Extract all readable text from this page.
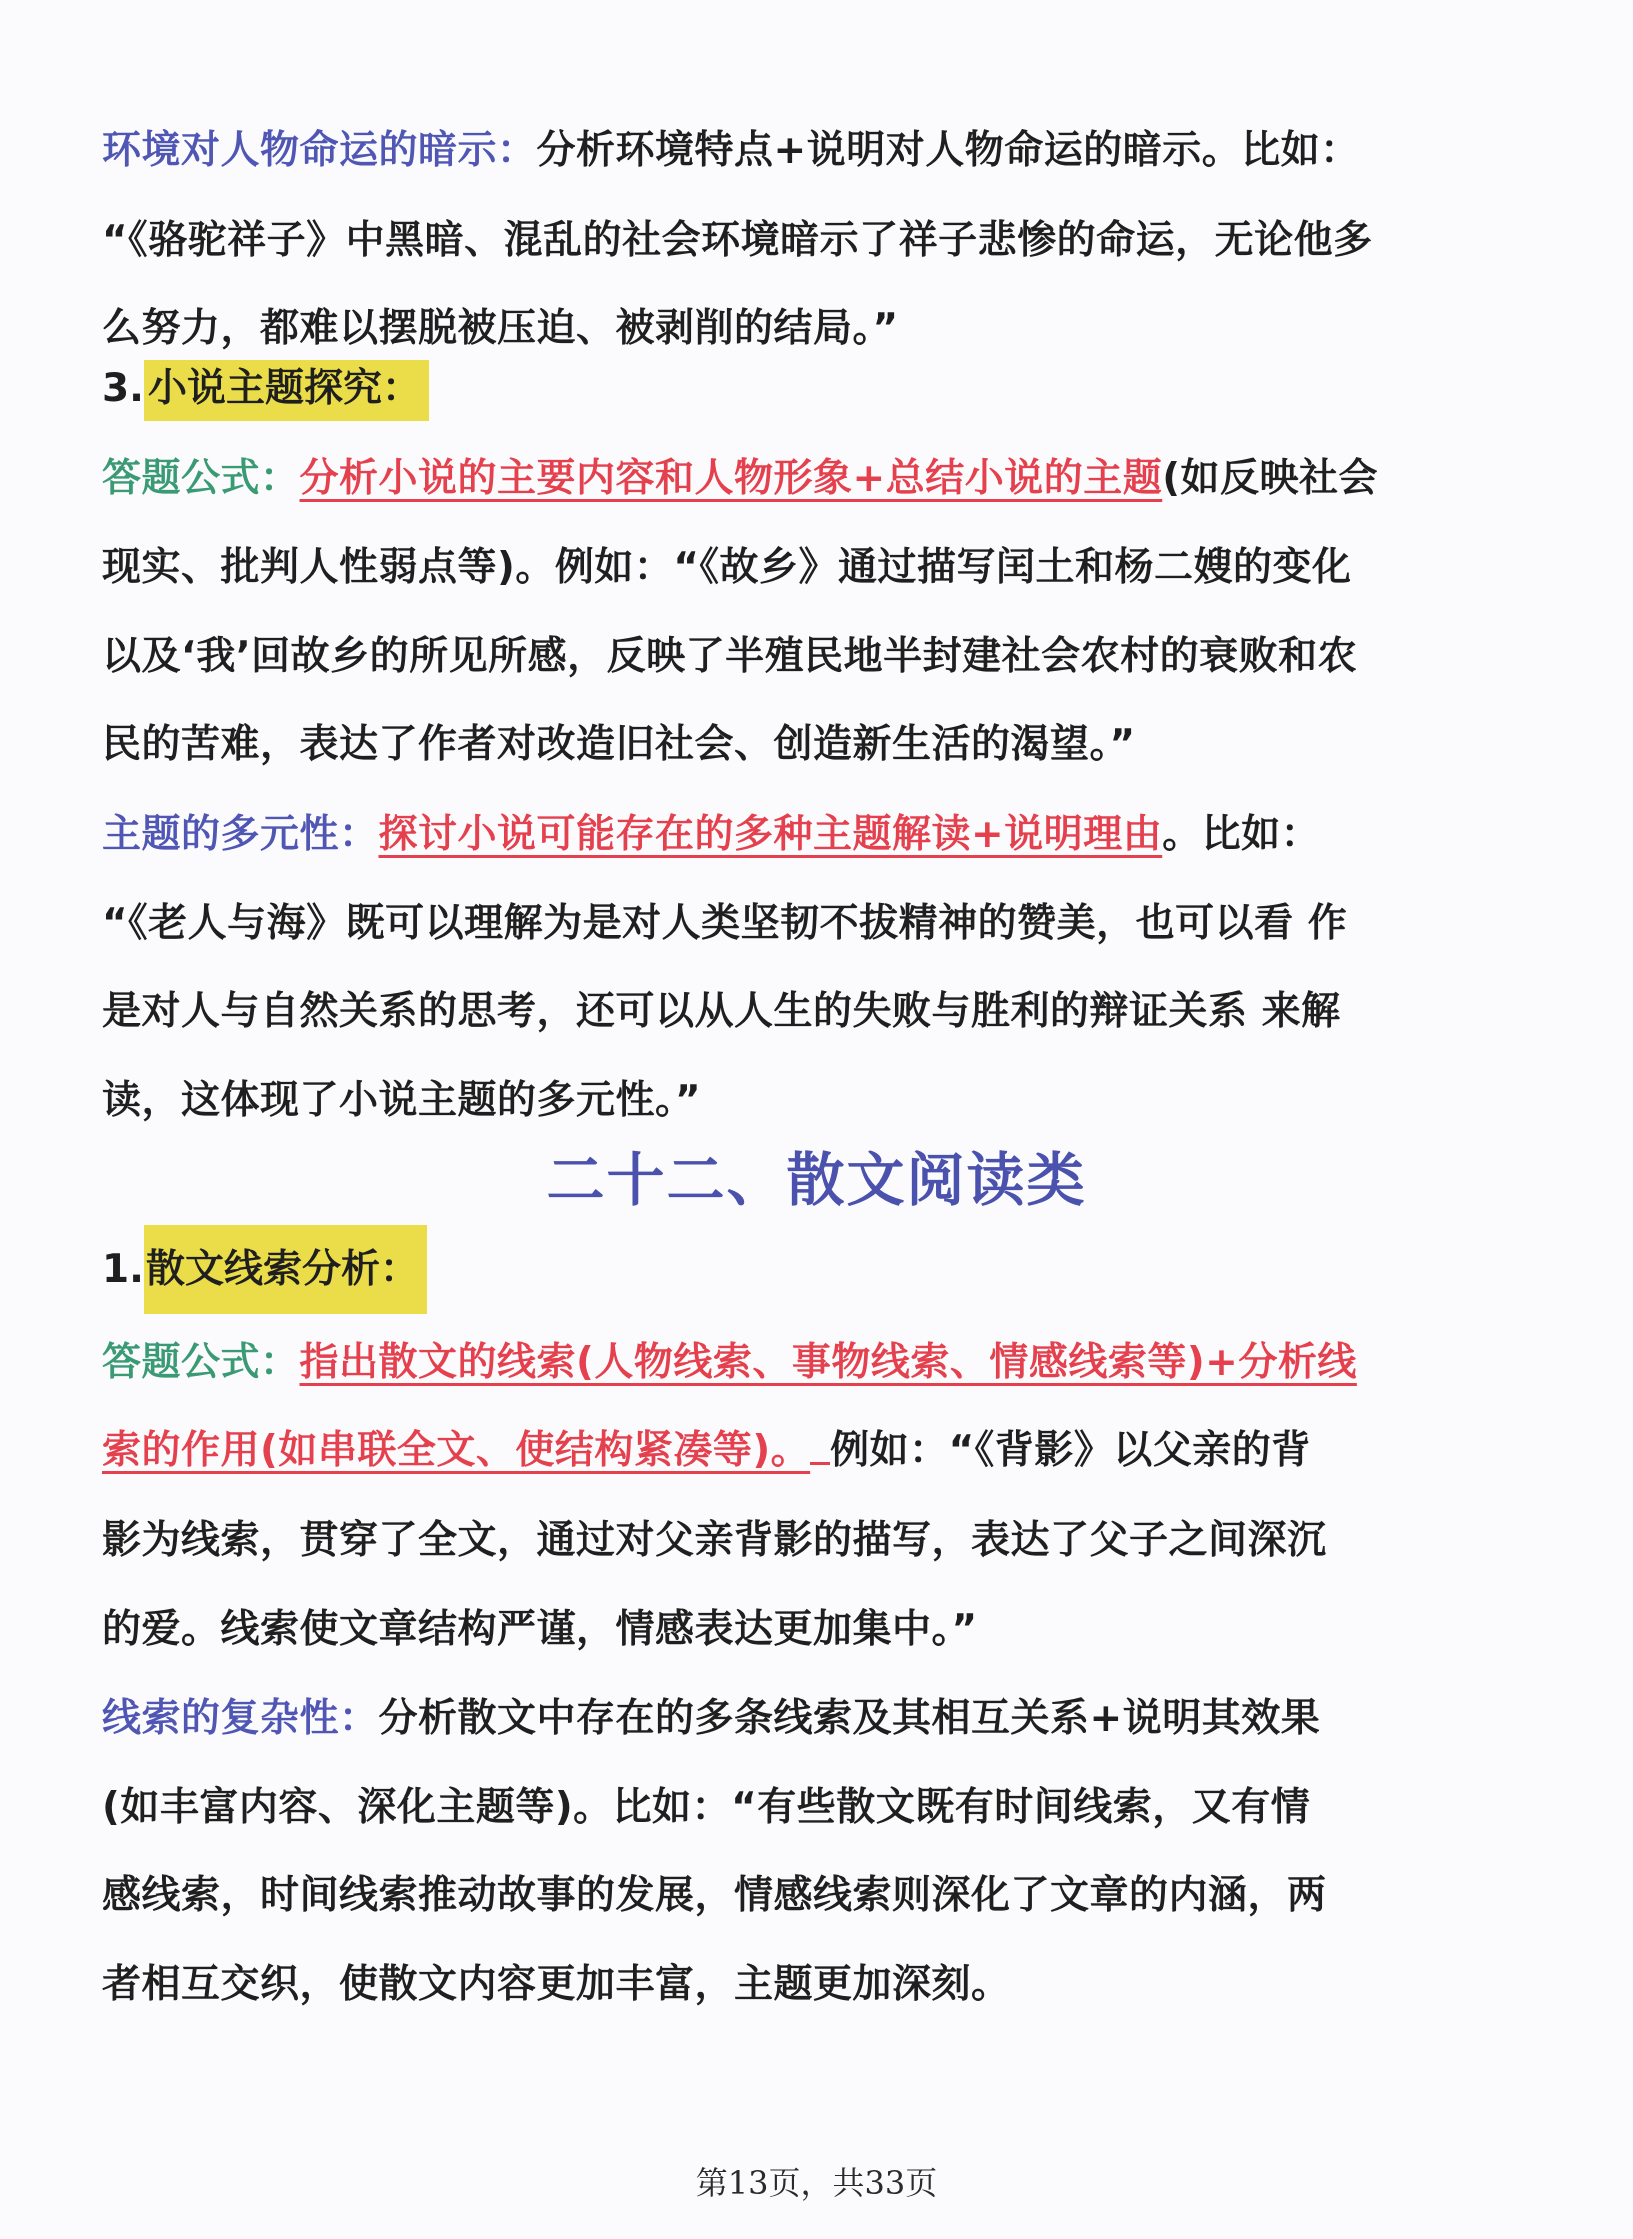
环境对人物命运的暗示：分析环境特点+说明对人物命运的暗示。比如：
“《骆驼祥子》中黑暗、混乱的社会环境暗示了祥子悲惨的命运，无论他多
么努力，都难以摆脱被压迫、被剥削的结局。”
3. 小说主题探究：
答题公式：分析小说的主要内容和人物形象+总结小说的主题(如反映社会
现实、批判人性弱点等)。例如：“《故乡》通过描写闰土和杨二嫂的变化
以及‘我’回故乡的所见所感，反映了半殖民地半封建社会农村的衰败和农
民的苦难，表达了作者对改造旧社会、创造新生活的渴望。”
主题的多元性：探讨小说可能存在的多种主题解读+说明理由。比如：
“《老人与海》既可以理解为是对人类坚韧不拔精神的赞美，也可以看 作
是对人与自然关系的思考，还可以从人生的失败与胜利的辩证关系 来解
读，这体现了小说主题的多元性。”
二十二、散文阅读类
1.散文线索分析：
答题公式：指出散文的线索(人物线索、事物线索、情感线索等)+分析线
索的作用(如串联全文、使结构紧凑等)。 例如：“《背影》以父亲的背
影为线索，贯穿了全文，通过对父亲背影的描写，表达了父子之间深沉
的爱。线索使文章结构严谨，情感表达更加集中。”
线索的复杂性：分析散文中存在的多条线索及其相互关系+说明其效果
(如丰富内容、深化主题等)。比如：“有些散文既有时间线索，又有情
感线索，时间线索推动故事的发展，情感线索则深化了文章的内涵，两
者相互交织，使散文内容更加丰富，主题更加深刻。
第13页，共33页
